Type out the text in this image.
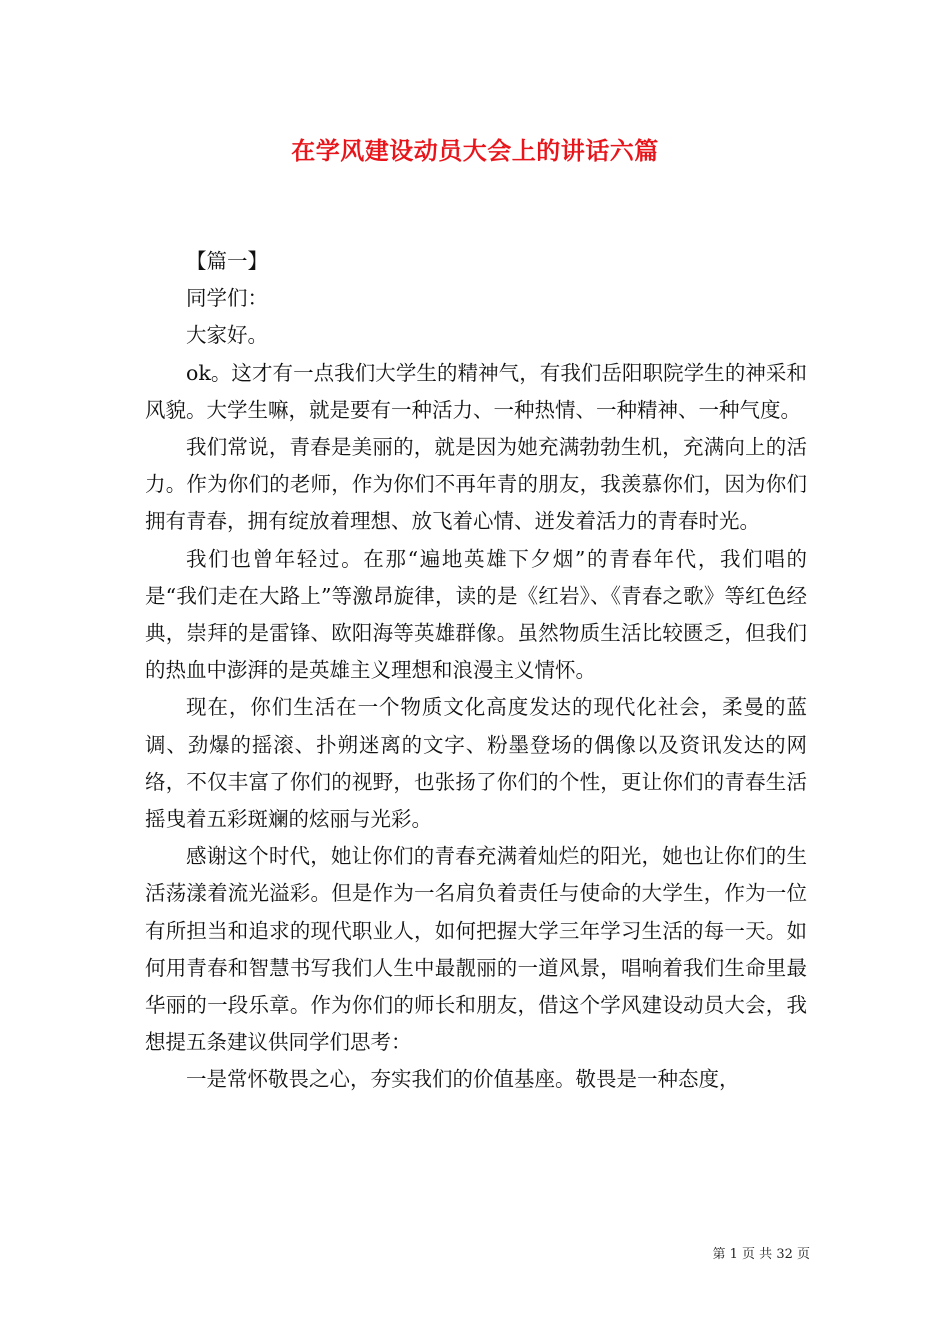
在学风建设动员大会上的讲话六篇

【篇一】

同学们：

大家好。

ok。这才有一点我们大学生的精神气，有我们岳阳职院学生的神采和风貌。大学生嘛，就是要有一种活力、一种热情、一种精神、一种气度。

我们常说，青春是美丽的，就是因为她充满勃勃生机，充满向上的活力。作为你们的老师，作为你们不再年青的朋友，我羡慕你们，因为你们拥有青春，拥有绽放着理想、放飞着心情、迸发着活力的青春时光。

我们也曾年轻过。在那“遍地英雄下夕烟”的青春年代，我们唱的是“我们走在大路上”等激昂旋律，读的是《红岩》、《青春之歌》等红色经典，崇拜的是雷锋、欧阳海等英雄群像。虽然物质生活比较匮乏，但我们的热血中澎湃的是英雄主义理想和浪漫主义情怀。

现在，你们生活在一个物质文化高度发达的现代化社会，柔曼的蓝调、劲爆的摇滚、扑朔迷离的文字、粉墨登场的偶像以及资讯发达的网络，不仅丰富了你们的视野，也张扬了你们的个性，更让你们的青春生活摇曳着五彩斑斓的炫丽与光彩。

感谢这个时代，她让你们的青春充满着灿烂的阳光，她也让你们的生活荡漾着流光溢彩。但是作为一名肩负着责任与使命的大学生，作为一位有所担当和追求的现代职业人，如何把握大学三年学习生活的每一天。如何用青春和智慧书写我们人生中最靓丽的一道风景，唱响着我们生命里最华丽的一段乐章。作为你们的师长和朋友，借这个学风建设动员大会，我想提五条建议供同学们思考：

一是常怀敬畏之心，夯实我们的价值基座。敬畏是一种态度，

第 1 页 共 32 页
